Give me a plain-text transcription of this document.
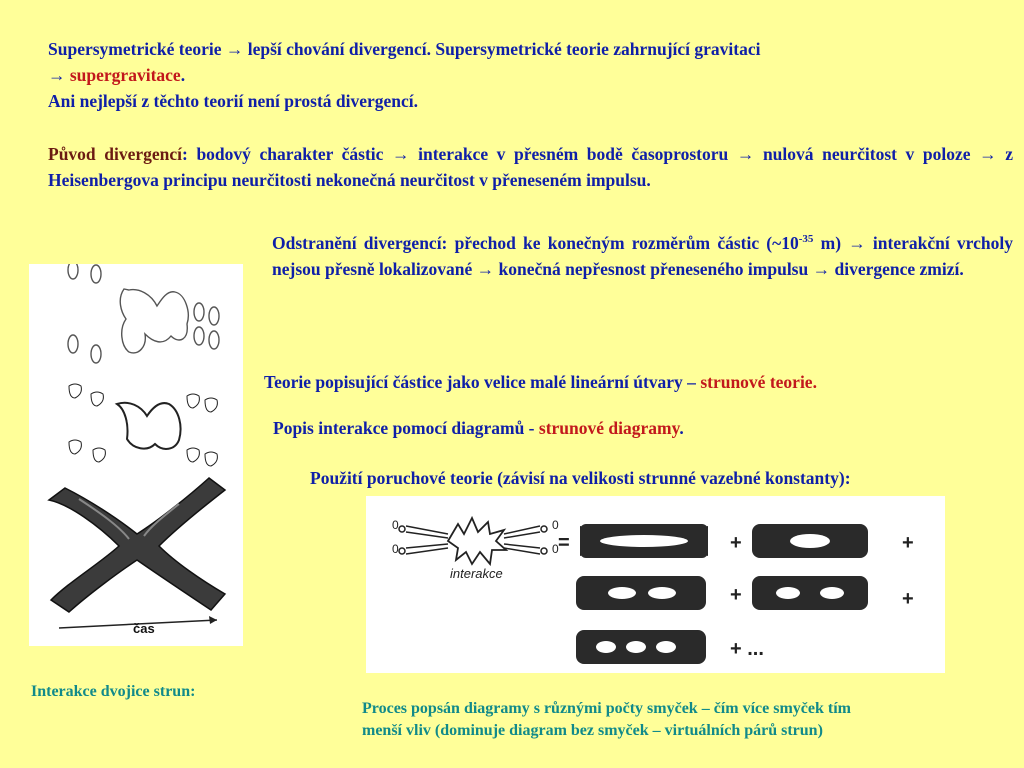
Supersymetrické teorie → lepší chování divergencí. Supersymetrické teorie zahrnující gravitaci
→ supergravitace.
Ani nejlepší z těchto teorií není prostá divergencí.
Původ divergencí: bodový charakter částic → interakce v přesném bodě časoprostoru → nulová neurčitost v poloze → z Heisenbergova principu neurčitosti nekonečná neurčitost v přeneseném impulsu.
čas
Odstranění divergencí: přechod ke konečným rozměrům částic ($\sim 10^{-35}$ m) → interakční vrcholy nejsou přesně lokalizované → konečná nepřesnost přeneseného impulsu → divergence zmizí.
Teorie popisující částice jako velice malé lineární útvary – strunové teorie.
Popis interakce pomocí diagramů - strunové diagramy.
Použití poruchové teorie (závisí na velikosti strunné vazebné konstanty):
0
0
0
0
interakce
=	+	+
+	+
+ ...
Interakce dvojice strun:
Proces popsán diagramy s různými počty smyček – čím více smyček tím
menší vliv (dominuje diagram bez smyček – virtuálních párů strun)
